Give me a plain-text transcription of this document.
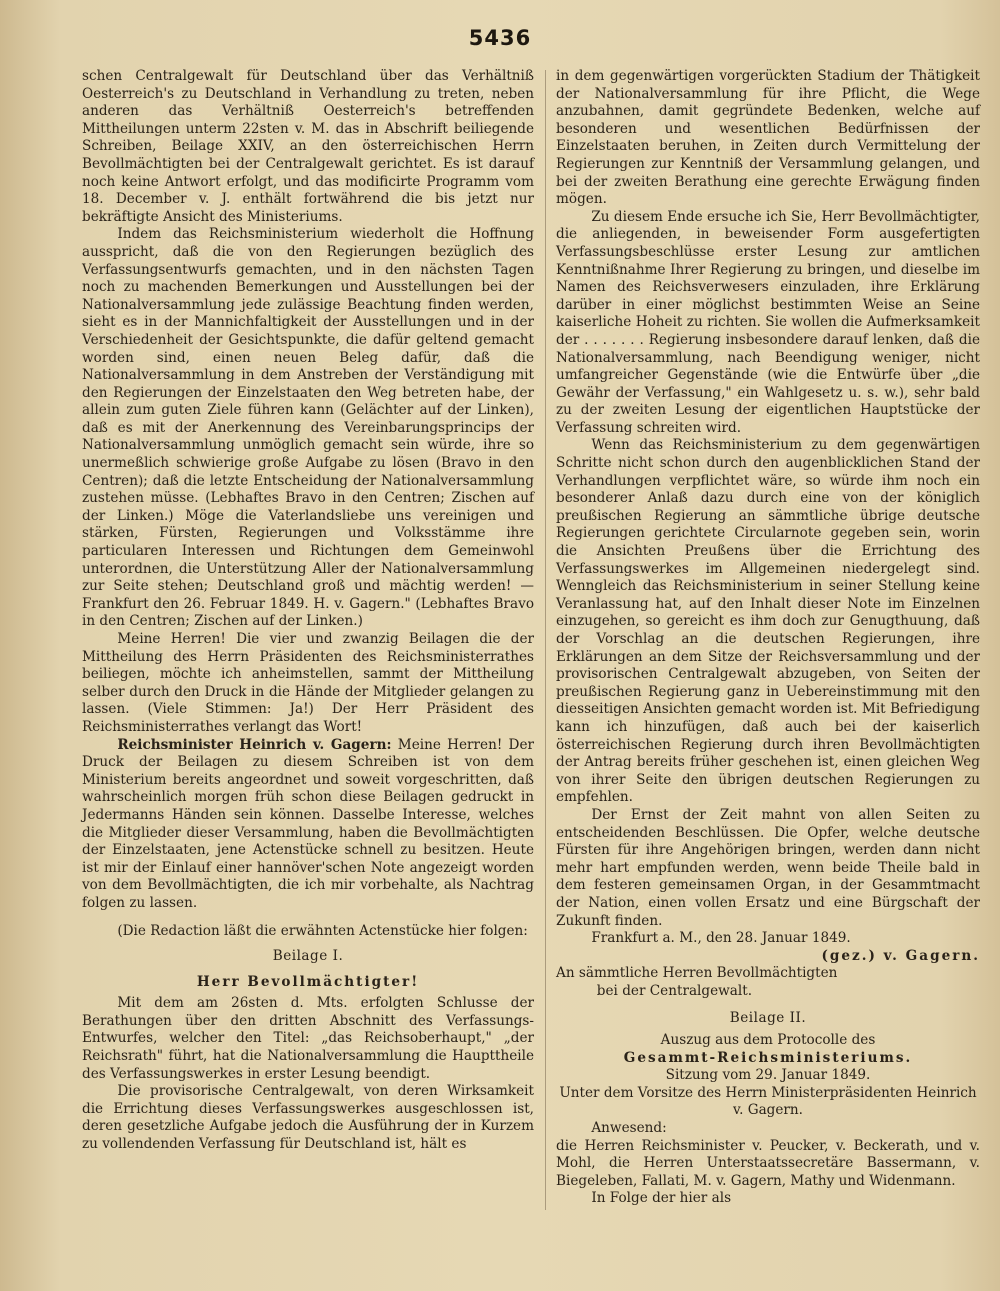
5436

schen Centralgewalt für Deutschland über das Verhältniß Oesterreich's zu Deutschland in Verhandlung zu treten, neben anderen das Verhältniß Oesterreich's betreffenden Mittheilungen unterm 22sten v. M. das in Abschrift beiliegende Schreiben, Beilage XXIV, an den österreichischen Herrn Bevollmächtigten bei der Centralgewalt gerichtet. Es ist darauf noch keine Antwort erfolgt, und das modificirte Programm vom 18. December v. J. enthält fortwährend die bis jetzt nur bekräftigte Ansicht des Ministeriums.

Indem das Reichsministerium wiederholt die Hoffnung ausspricht, daß die von den Regierungen bezüglich des Verfassungsentwurfs gemachten, und in den nächsten Tagen noch zu machenden Bemerkungen und Ausstellungen bei der Nationalversammlung jede zulässige Beachtung finden werden, sieht es in der Mannichfaltigkeit der Ausstellungen und in der Verschiedenheit der Gesichtspunkte, die dafür geltend gemacht worden sind, einen neuen Beleg dafür, daß die Nationalversammlung in dem Anstreben der Verständigung mit den Regierungen der Einzelstaaten den Weg betreten habe, der allein zum guten Ziele führen kann (Gelächter auf der Linken), daß es mit der Anerkennung des Vereinbarungsprincips der Nationalversammlung unmöglich gemacht sein würde, ihre so unermeßlich schwierige große Aufgabe zu lösen (Bravo in den Centren); daß die letzte Entscheidung der Nationalversammlung zustehen müsse. (Lebhaftes Bravo in den Centren; Zischen auf der Linken.) Möge die Vaterlandsliebe uns vereinigen und stärken, Fürsten, Regierungen und Volksstämme ihre particularen Interessen und Richtungen dem Gemeinwohl unterordnen, die Unterstützung Aller der Nationalversammlung zur Seite stehen; Deutschland groß und mächtig werden! — Frankfurt den 26. Februar 1849. H. v. Gagern." (Lebhaftes Bravo in den Centren; Zischen auf der Linken.)

Meine Herren! Die vier und zwanzig Beilagen die der Mittheilung des Herrn Präsidenten des Reichsministerrathes beiliegen, möchte ich anheimstellen, sammt der Mittheilung selber durch den Druck in die Hände der Mitglieder gelangen zu lassen. (Viele Stimmen: Ja!) Der Herr Präsident des Reichsministerrathes verlangt das Wort!

Reichsminister Heinrich v. Gagern: Meine Herren! Der Druck der Beilagen zu diesem Schreiben ist von dem Ministerium bereits angeordnet und soweit vorgeschritten, daß wahrscheinlich morgen früh schon diese Beilagen gedruckt in Jedermanns Händen sein können. Dasselbe Interesse, welches die Mitglieder dieser Versammlung, haben die Bevollmächtigten der Einzelstaaten, jene Actenstücke schnell zu besitzen. Heute ist mir der Einlauf einer hannöver'schen Note angezeigt worden von dem Bevollmächtigten, die ich mir vorbehalte, als Nachtrag folgen zu lassen.

(Die Redaction läßt die erwähnten Actenstücke hier folgen:

Beilage I.

Herr Bevollmächtigter!

Mit dem am 26sten d. Mts. erfolgten Schlusse der Berathungen über den dritten Abschnitt des Verfassungs-Entwurfes, welcher den Titel: „das Reichsoberhaupt," „der Reichsrath" führt, hat die Nationalversammlung die Haupttheile des Verfassungswerkes in erster Lesung beendigt.

Die provisorische Centralgewalt, von deren Wirksamkeit die Errichtung dieses Verfassungswerkes ausgeschlossen ist, deren gesetzliche Aufgabe jedoch die Ausführung der in Kurzem zu vollendenden Verfassung für Deutschland ist, hält es

in dem gegenwärtigen vorgerückten Stadium der Thätigkeit der Nationalversammlung für ihre Pflicht, die Wege anzubahnen, damit gegründete Bedenken, welche auf besonderen und wesentlichen Bedürfnissen der Einzelstaaten beruhen, in Zeiten durch Vermittelung der Regierungen zur Kenntniß der Versammlung gelangen, und bei der zweiten Berathung eine gerechte Erwägung finden mögen.

Zu diesem Ende ersuche ich Sie, Herr Bevollmächtigter, die anliegenden, in beweisender Form ausgefertigten Verfassungsbeschlüsse erster Lesung zur amtlichen Kenntnißnahme Ihrer Regierung zu bringen, und dieselbe im Namen des Reichsverwesers einzuladen, ihre Erklärung darüber in einer möglichst bestimmten Weise an Seine kaiserliche Hoheit zu richten. Sie wollen die Aufmerksamkeit der . . . . . . . Regierung insbesondere darauf lenken, daß die Nationalversammlung, nach Beendigung weniger, nicht umfangreicher Gegenstände (wie die Entwürfe über „die Gewähr der Verfassung," ein Wahlgesetz u. s. w.), sehr bald zu der zweiten Lesung der eigentlichen Hauptstücke der Verfassung schreiten wird.

Wenn das Reichsministerium zu dem gegenwärtigen Schritte nicht schon durch den augenblicklichen Stand der Verhandlungen verpflichtet wäre, so würde ihm noch ein besonderer Anlaß dazu durch eine von der königlich preußischen Regierung an sämmtliche übrige deutsche Regierungen gerichtete Circularnote gegeben sein, worin die Ansichten Preußens über die Errichtung des Verfassungswerkes im Allgemeinen niedergelegt sind. Wenngleich das Reichsministerium in seiner Stellung keine Veranlassung hat, auf den Inhalt dieser Note im Einzelnen einzugehen, so gereicht es ihm doch zur Genugthuung, daß der Vorschlag an die deutschen Regierungen, ihre Erklärungen an dem Sitze der Reichsversammlung und der provisorischen Centralgewalt abzugeben, von Seiten der preußischen Regierung ganz in Uebereinstimmung mit den diesseitigen Ansichten gemacht worden ist. Mit Befriedigung kann ich hinzufügen, daß auch bei der kaiserlich österreichischen Regierung durch ihren Bevollmächtigten der Antrag bereits früher geschehen ist, einen gleichen Weg von ihrer Seite den übrigen deutschen Regierungen zu empfehlen.

Der Ernst der Zeit mahnt von allen Seiten zu entscheidenden Beschlüssen. Die Opfer, welche deutsche Fürsten für ihre Angehörigen bringen, werden dann nicht mehr hart empfunden werden, wenn beide Theile bald in dem festeren gemeinsamen Organ, in der Gesammtmacht der Nation, einen vollen Ersatz und eine Bürgschaft der Zukunft finden.

Frankfurt a. M., den 28. Januar 1849.

(gez.) v. Gagern.

An sämmtliche Herren Bevollmächtigten

bei der Centralgewalt.

Beilage II.

Auszug aus dem Protocolle des

Gesammt-Reichsministeriums.

Sitzung vom 29. Januar 1849.

Unter dem Vorsitze des Herrn Ministerpräsidenten Heinrich v. Gagern.

Anwesend:

die Herren Reichsminister v. Peucker, v. Beckerath, und v. Mohl, die Herren Unterstaatssecretäre Bassermann, v. Biegeleben, Fallati, M. v. Gagern, Mathy und Widenmann.

In Folge der hier als
